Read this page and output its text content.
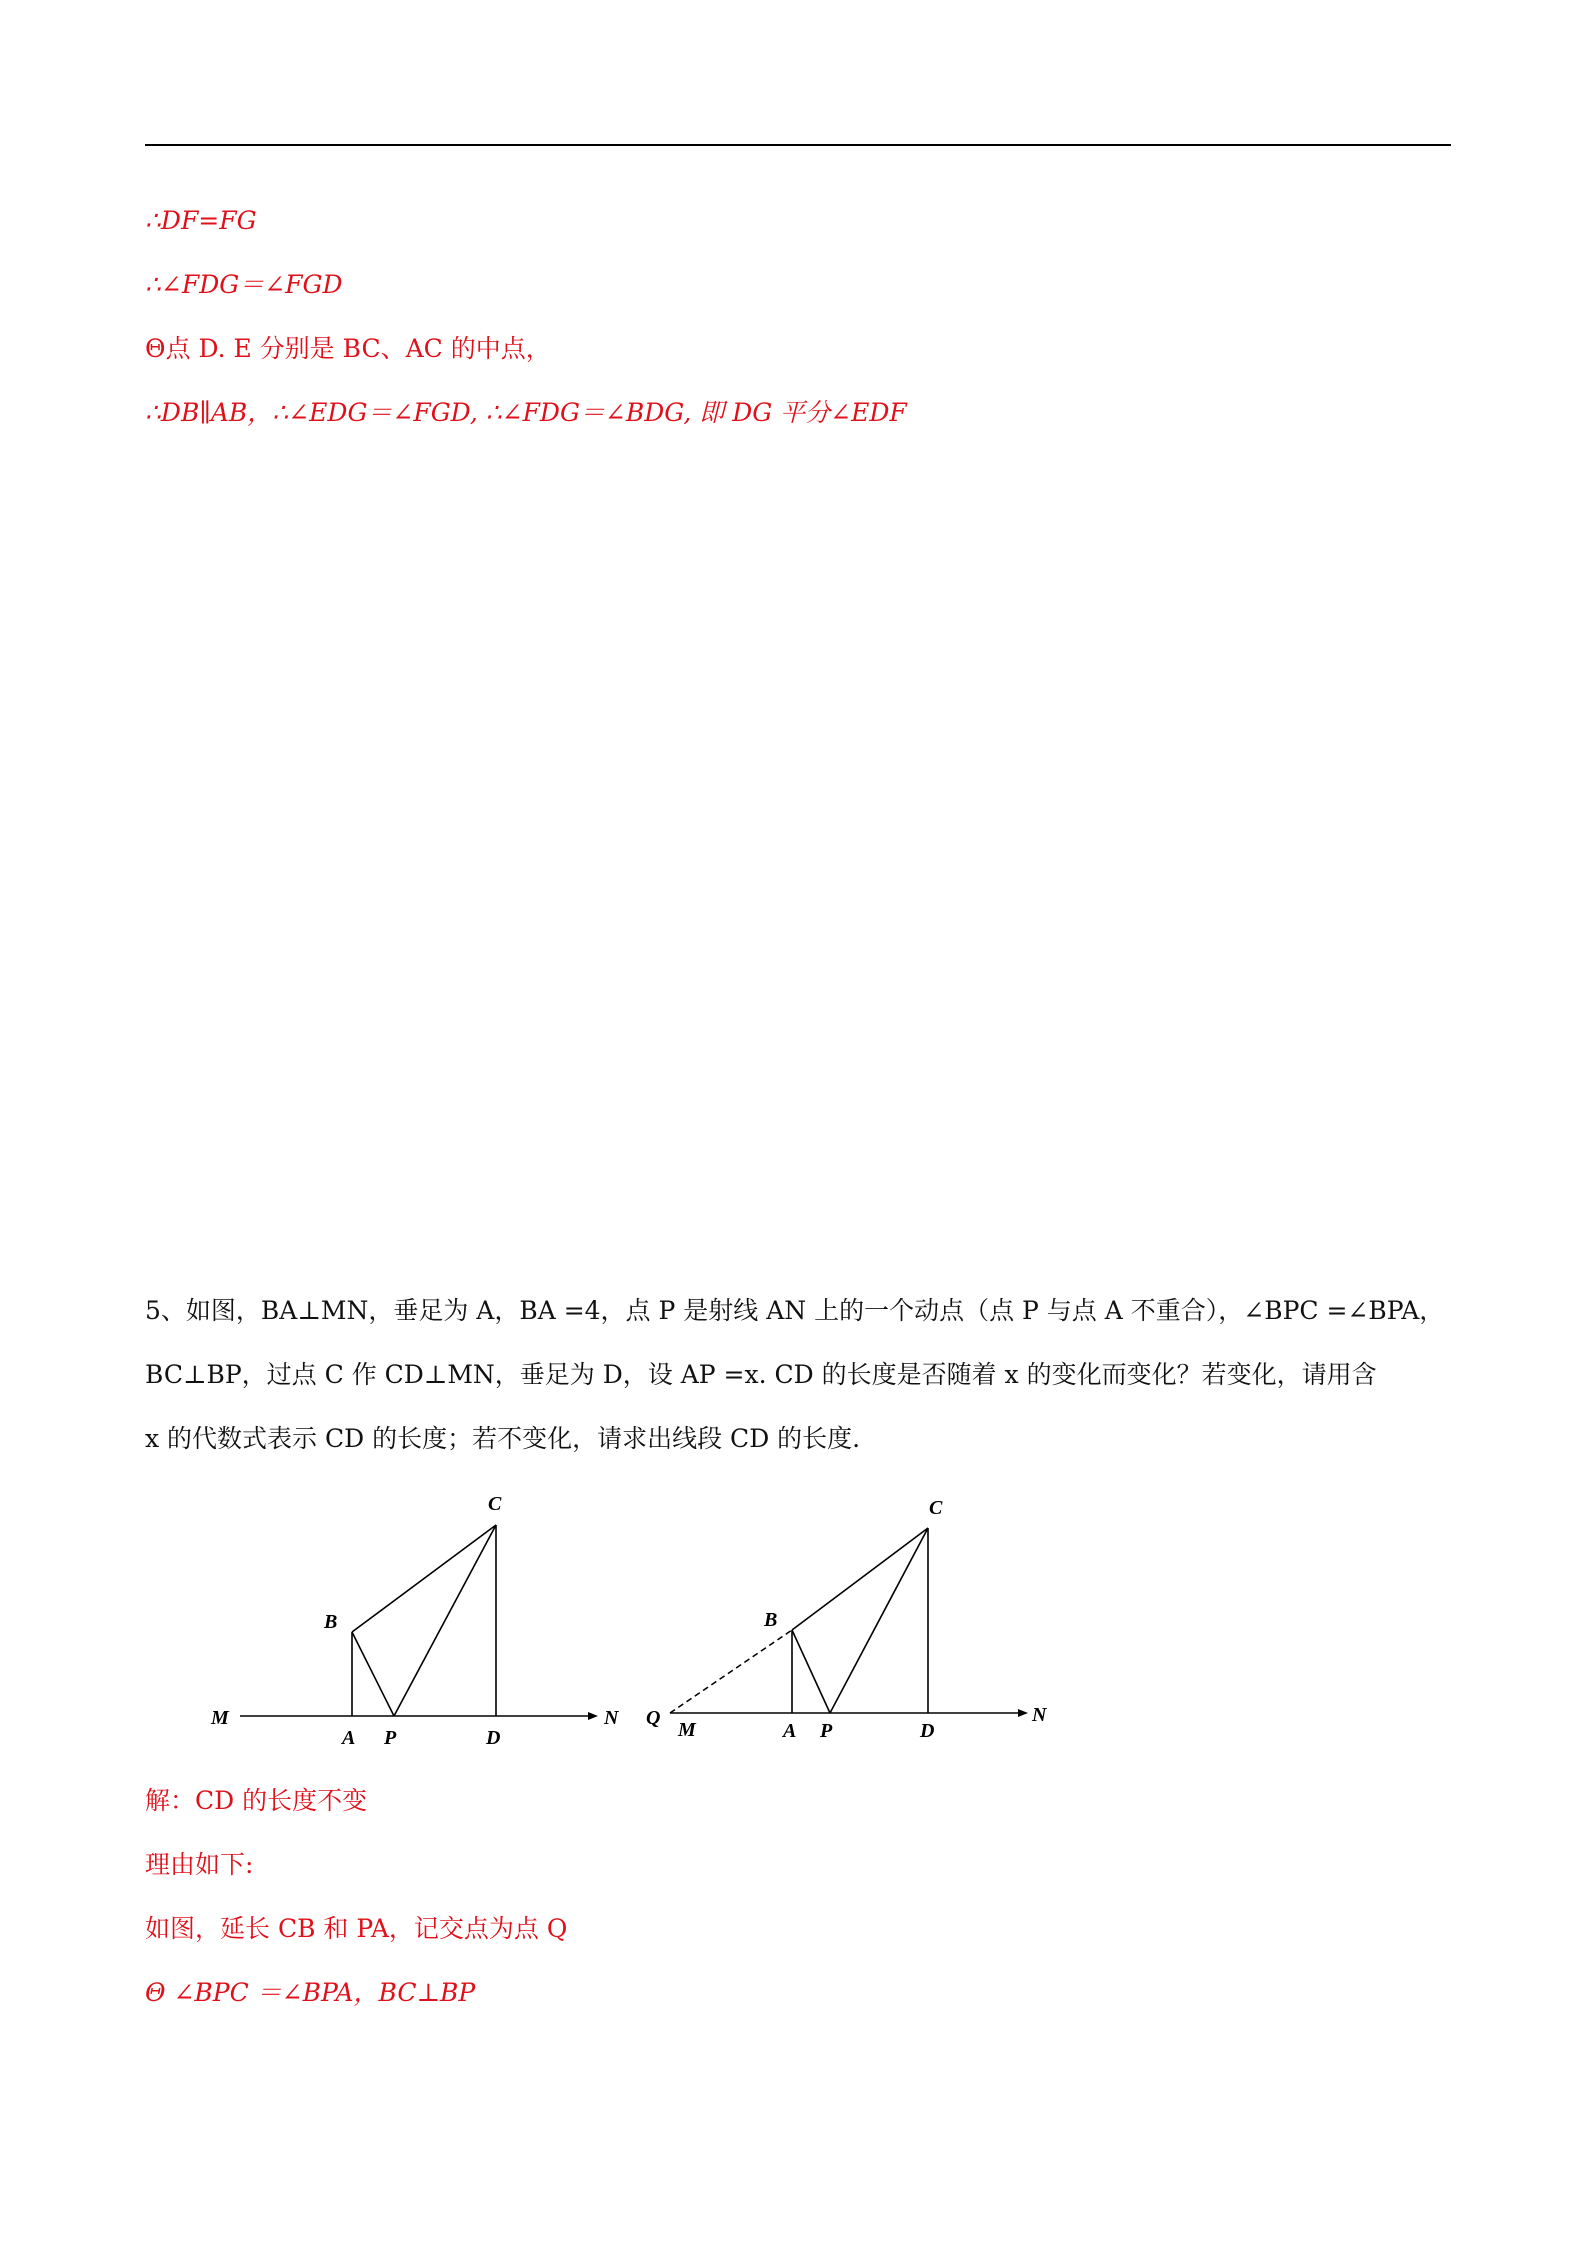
∴DF=FG
∴∠FDG＝∠FGD
Θ点 D. E 分别是 BC、AC 的中点，
∴DB∥AB，∴∠EDG＝∠FGD, ∴∠FDG＝∠BDG, 即 DG 平分∠EDF
5、如图，BA⊥MN，垂足为 A，BA =4，点 P 是射线 AN 上的一个动点（点 P 与点 A 不重合），∠BPC =∠BPA，
BC⊥BP，过点 C 作 CD⊥MN，垂足为 D，设 AP =x. CD 的长度是否随着 x 的变化而变化？若变化，请用含
x 的代数式表示 CD 的长度；若不变化，请求出线段 CD 的长度.
C
B
M	N
A P	D
C
B
Q
M
N
A P	D
解：CD 的长度不变
理由如下:
如图，延长 CB 和 PA，记交点为点 Q
Θ ∠BPC ＝∠BPA，BC⊥BP
